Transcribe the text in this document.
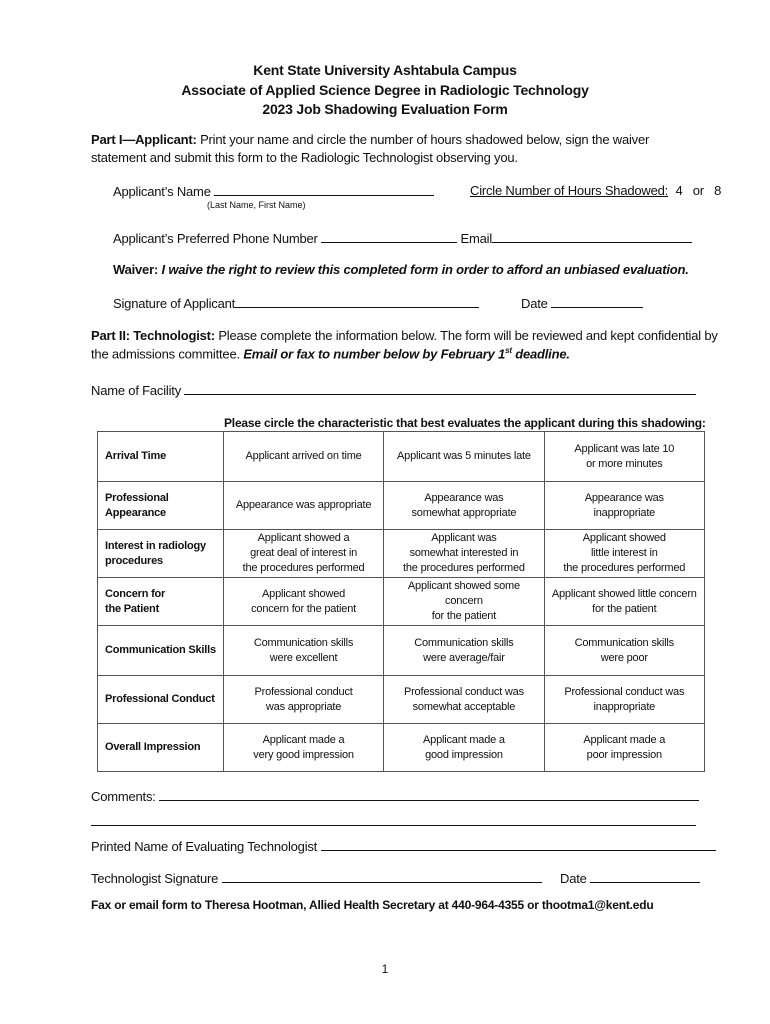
Kent State University Ashtabula Campus
Associate of Applied Science Degree in Radiologic Technology
2023 Job Shadowing Evaluation Form
Part I—Applicant: Print your name and circle the number of hours shadowed below, sign the waiver
statement and submit this form to the Radiologic Technologist observing you.
Applicant’s Name
(Last Name, First Name)
Circle Number of Hours Shadowed: 4   or   8
Applicant’s Preferred Phone Number	Email
Waiver: I waive the right to review this completed form in order to afford an unbiased evaluation.
Signature of Applicant	Date
Part II: Technologist: Please complete the information below. The form will be reviewed and kept confidential by
the admissions committee. Email or fax to number below by February 1st deadline.
Name of Facility
Please circle the characteristic that best evaluates the applicant during this shadowing:
Arrival Time	Applicant arrived on time	Applicant was 5 minutes late	Applicant was late 10
or more minutes
Professional
Appearance	Appearance was appropriate	Appearance was
somewhat appropriate	Appearance was
inappropriate
Interest in radiology
procedures	Applicant showed a
great deal of interest in
the procedures performed	Applicant was
somewhat interested in
the procedures performed	Applicant showed
little interest in
the procedures performed
Concern for
the Patient	Applicant showed
concern for the patient	Applicant showed some concern
for the patient	Applicant showed little concern
for the patient
Communication Skills	Communication skills
were excellent	Communication skills
were average/fair	Communication skills
were poor
Professional Conduct	Professional conduct
was appropriate	Professional conduct was
somewhat acceptable	Professional conduct was
inappropriate
Overall Impression	Applicant made a
very good impression	Applicant made a
good impression	Applicant made a
poor impression
Comments:
Printed Name of Evaluating Technologist
Technologist Signature	Date
Fax or email form to Theresa Hootman, Allied Health Secretary at 440-964-4355 or thootma1@kent.edu
1
